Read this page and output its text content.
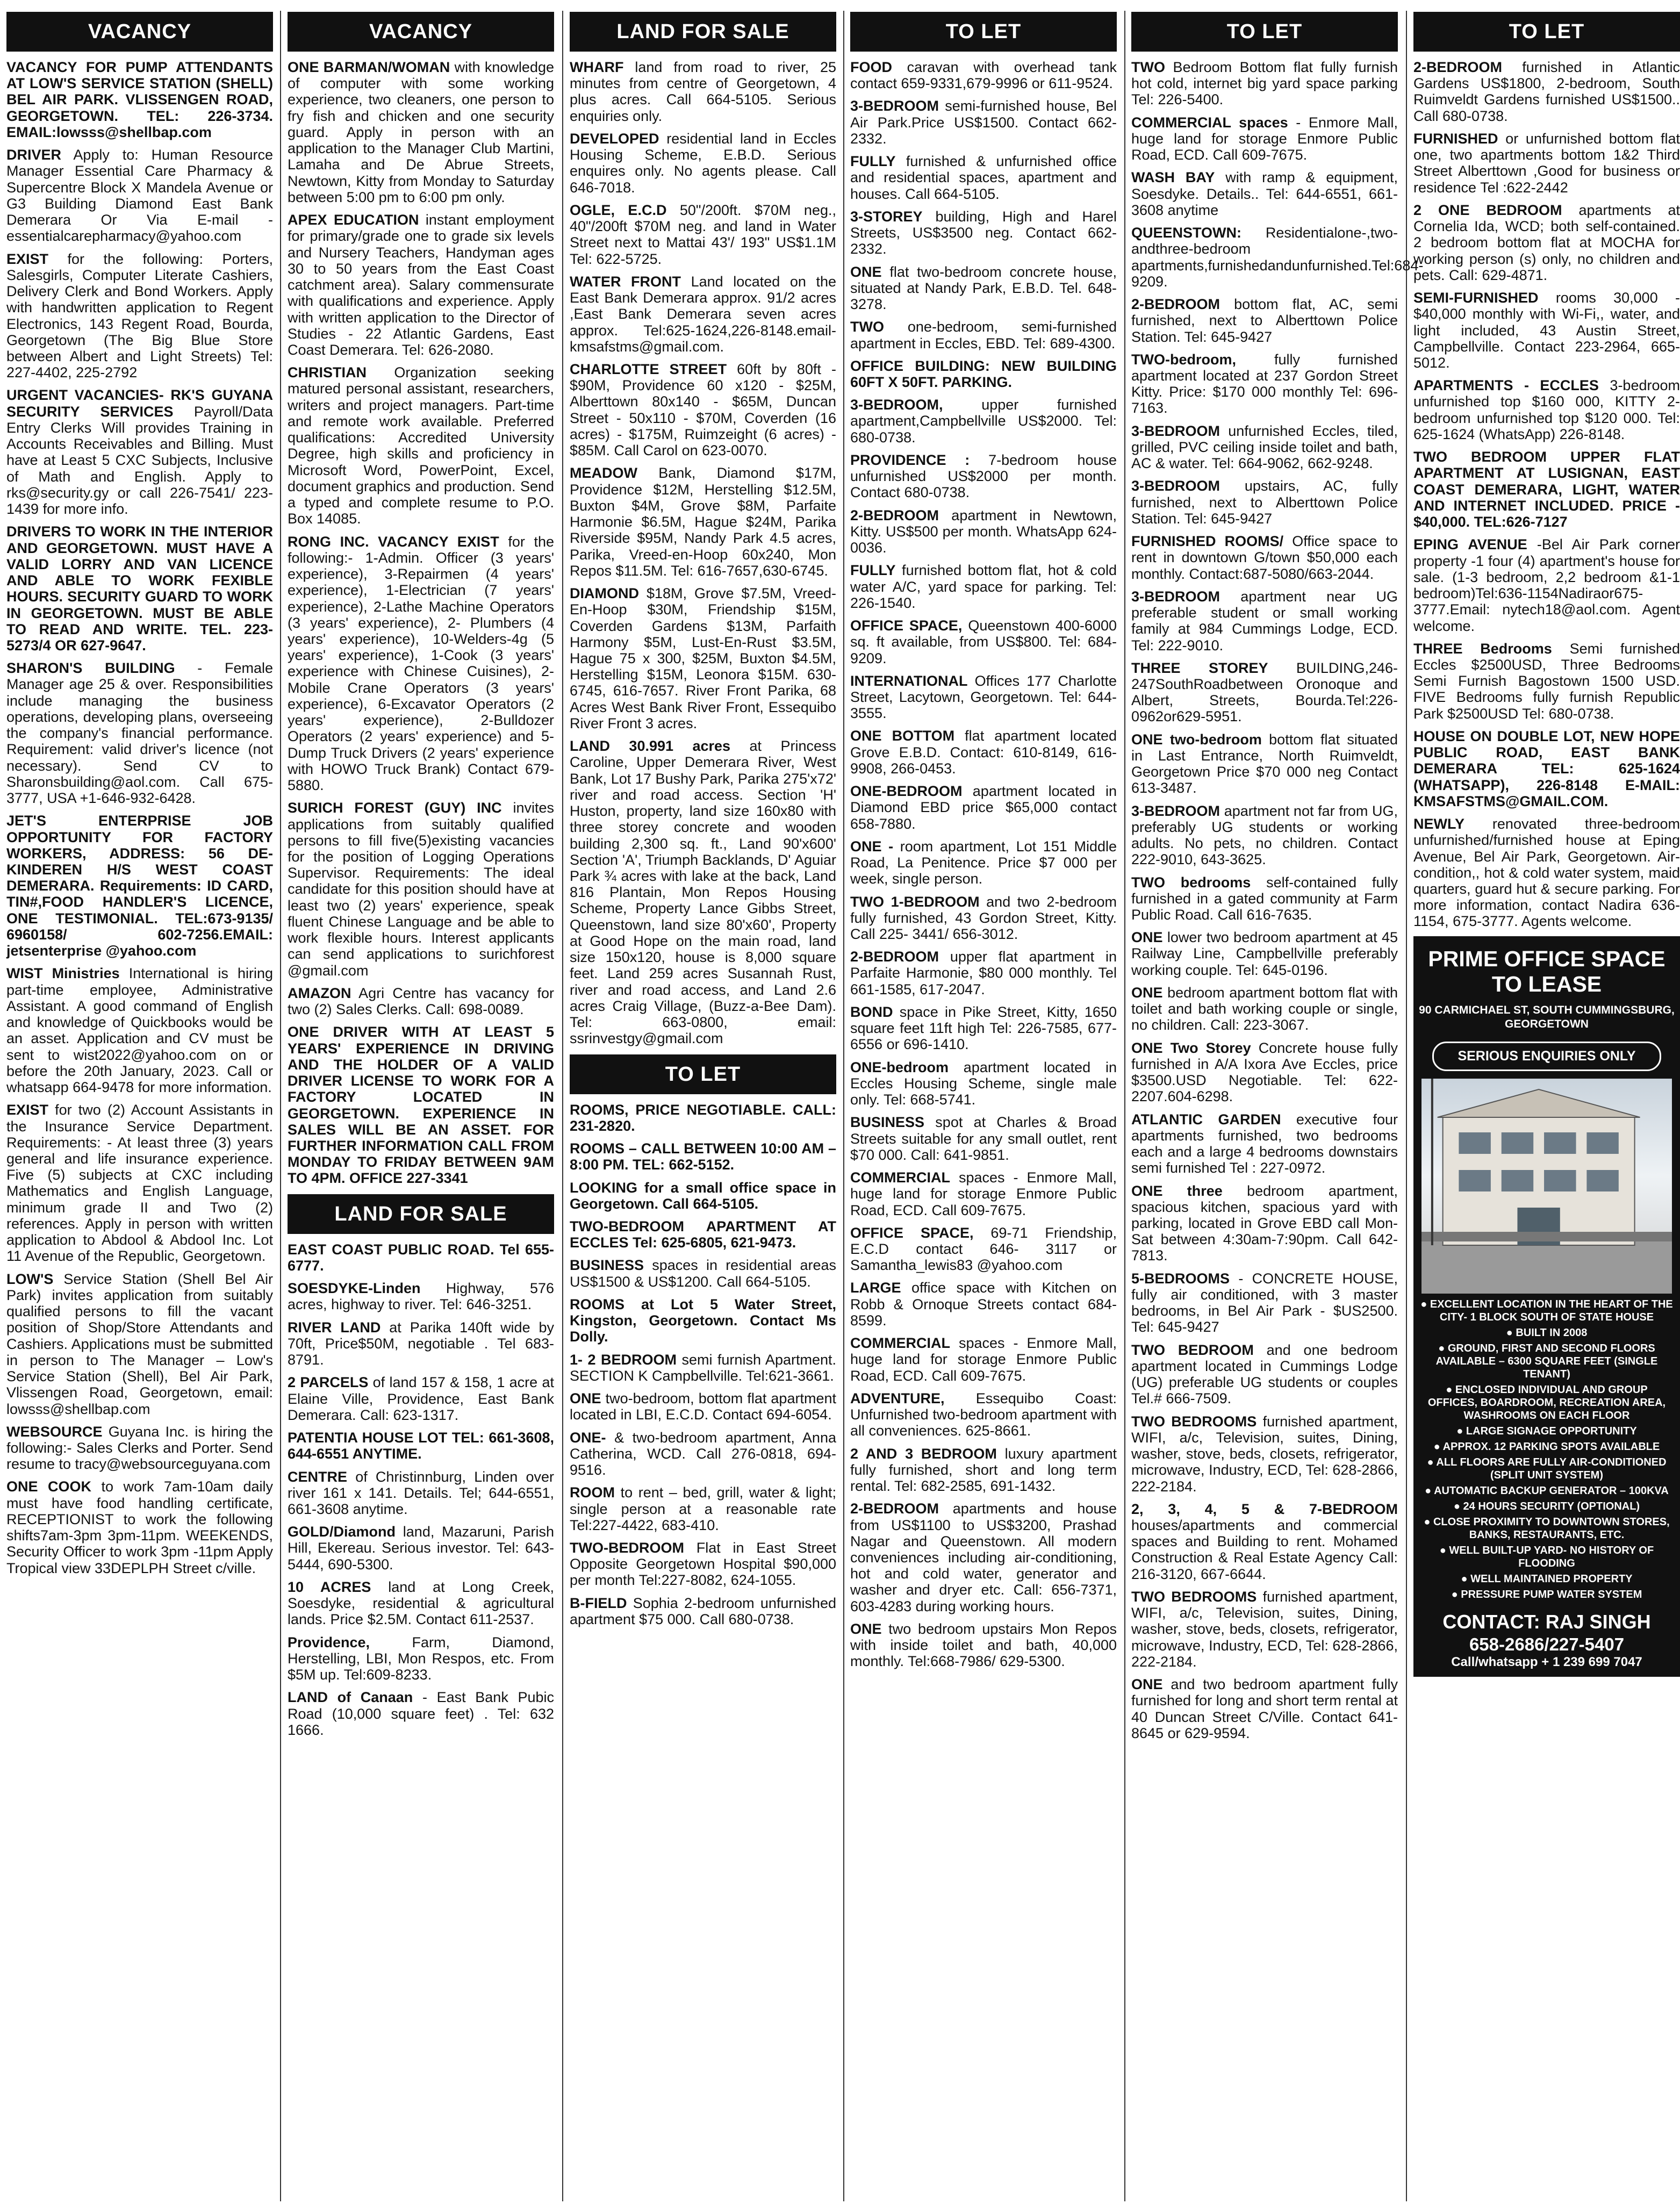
VACANCY

VACANCY FOR PUMP ATTENDANTS AT LOW'S SERVICE STATION (SHELL) BEL AIR PARK. VLISSENGEN ROAD, GEORGETOWN. TEL: 226-3734. EMAIL:lowsss@shellbap.com

DRIVER Apply to: Human Resource Manager Essential Care Pharmacy & Supercentre Block X Mandela Avenue or G3 Building Diamond East Bank Demerara Or Via E-mail - essentialcarepharmacy@yahoo.com

EXIST for the following: Porters, Salesgirls, Computer Literate Cashiers, Delivery Clerk and Bond Workers. Apply with handwritten application to Regent Electronics, 143 Regent Road, Bourda, Georgetown (The Big Blue Store between Albert and Light Streets) Tel: 227-4402, 225-2792

URGENT VACANCIES- RK'S GUYANA SECURITY SERVICES Payroll/Data Entry Clerks Will provides Training in Accounts Receivables and Billing. Must have at Least 5 CXC Subjects, Inclusive of Math and English. Apply to rks@security.gy or call 226-7541/ 223-1439 for more info.

DRIVERS TO WORK IN THE INTERIOR AND GEORGETOWN. MUST HAVE A VALID LORRY AND VAN LICENCE AND ABLE TO WORK FEXIBLE HOURS. SECURITY GUARD TO WORK IN GEORGETOWN. MUST BE ABLE TO READ AND WRITE. TEL. 223-5273/4 OR 627-9647.

SHARON'S BUILDING - Female Manager age 25 & over. Responsibilities include managing the business operations, developing plans, overseeing the company's financial performance. Requirement: valid driver's licence (not necessary). Send CV to Sharonsbuilding@aol.com. Call 675-3777, USA +1-646-932-6428.

JET'S ENTERPRISE JOB OPPORTUNITY FOR FACTORY WORKERS, ADDRESS: 56 DE-KINDEREN H/S WEST COAST DEMERARA. Requirements: ID CARD, TIN#,FOOD HANDLER'S LICENCE, ONE TESTIMONIAL. TEL:673-9135/ 6960158/ 602-7256.EMAIL: jetsenterprise @yahoo.com

WIST Ministries International is hiring part-time employee, Administrative Assistant. A good command of English and knowledge of Quickbooks would be an asset. Application and CV must be sent to wist2022@yahoo.com on or before the 20th January, 2023. Call or whatsapp 664-9478 for more information.

EXIST for two (2) Account Assistants in the Insurance Service Department. Requirements: - At least three (3) years general and life insurance experience. Five (5) subjects at CXC including Mathematics and English Language, minimum grade II and Two (2) references. Apply in person with written application to Abdool & Abdool Inc. Lot 11 Avenue of the Republic, Georgetown.

LOW'S Service Station (Shell Bel Air Park) invites application from suitably qualified persons to fill the vacant position of Shop/Store Attendants and Cashiers. Applications must be submitted in person to The Manager – Low's Service Station (Shell), Bel Air Park, Vlissengen Road, Georgetown, email: lowsss@shellbap.com

WEBSOURCE Guyana Inc. is hiring the following:- Sales Clerks and Porter. Send resume to tracy@websourceguyana.com

ONE COOK to work 7am-10am daily must have food handling certificate, RECEPTIONIST to work the following shifts7am-3pm 3pm-11pm. WEEKENDS, Security Officer to work 3pm -11pm Apply Tropical view 33DEPLPH Street c/ville.

VACANCY

ONE BARMAN/WOMAN with knowledge of computer with some working experience, two cleaners, one person to fry fish and chicken and one security guard. Apply in person with an application to the Manager Club Martini, Lamaha and De Abrue Streets, Newtown, Kitty from Monday to Saturday between 5:00 pm to 6:00 pm only.

APEX EDUCATION instant employment for primary/grade one to grade six levels and Nursery Teachers, Handyman ages 30 to 50 years from the East Coast catchment area). Salary commensurate with qualifications and experience. Apply with written application to the Director of Studies - 22 Atlantic Gardens, East Coast Demerara. Tel: 626-2080.

CHRISTIAN Organization seeking matured personal assistant, researchers, writers and project managers. Part-time and remote work available. Preferred qualifications: Accredited University Degree, high skills and proficiency in Microsoft Word, PowerPoint, Excel, document graphics and production. Send a typed and complete resume to P.O. Box 14085.

RONG INC. VACANCY EXIST for the following:- 1-Admin. Officer (3 years' experience), 3-Repairmen (4 years' experience), 1-Electrician (7 years' experience), 2-Lathe Machine Operators (3 years' experience), 2- Plumbers (4 years' experience), 10-Welders-4g (5 years' experience), 1-Cook (3 years' experience with Chinese Cuisines), 2-Mobile Crane Operators (3 years' experience), 6-Excavator Operators (2 years' experience), 2-Bulldozer Operators (2 years' experience) and 5-Dump Truck Drivers (2 years' experience with HOWO Truck Brank) Contact 679-5880.

SURICH FOREST (GUY) INC invites applications from suitably qualified persons to fill five(5)existing vacancies for the position of Logging Operations Supervisor. Requirements: The ideal candidate for this position should have at least two (2) years' experience, speak fluent Chinese Language and be able to work flexible hours. Interest applicants can send applications to surichforest @gmail.com

AMAZON Agri Centre has vacancy for two (2) Sales Clerks. Call: 698-0089.

ONE DRIVER WITH AT LEAST 5 YEARS' EXPERIENCE IN DRIVING AND THE HOLDER OF A VALID DRIVER LICENSE TO WORK FOR A FACTORY LOCATED IN GEORGETOWN. EXPERIENCE IN SALES WILL BE AN ASSET. FOR FURTHER INFORMATION CALL FROM MONDAY TO FRIDAY BETWEEN 9AM TO 4PM. OFFICE 227-3341

LAND FOR SALE

EAST COAST PUBLIC ROAD. Tel 655-6777.

SOESDYKE-Linden Highway, 576 acres, highway to river. Tel: 646-3251.

RIVER LAND at Parika 140ft wide by 70ft, Price$50M, negotiable . Tel 683-8791.

2 PARCELS of land 157 & 158, 1 acre at Elaine Ville, Providence, East Bank Demerara. Call: 623-1317.

PATENTIA HOUSE LOT TEL: 661-3608, 644-6551 ANYTIME.

CENTRE of Christinnburg, Linden over river 161 x 141. Details. Tel; 644-6551, 661-3608 anytime.

GOLD/Diamond land, Mazaruni, Parish Hill, Ekereau. Serious investor. Tel: 643-5444, 690-5300.

10 ACRES land at Long Creek, Soesdyke, residential & agricultural lands. Price $2.5M. Contact 611-2537.

Providence, Farm, Diamond, Herstelling, LBI, Mon Respos, etc. From $5M up. Tel:609-8233.

LAND of Canaan - East Bank Pubic Road (10,000 square feet) . Tel: 632 1666.

LAND FOR SALE

WHARF land from road to river, 25 minutes from centre of Georgetown, 4 plus acres. Call 664-5105. Serious enquiries only.

DEVELOPED residential land in Eccles Housing Scheme, E.B.D. Serious enquires only. No agents please. Call 646-7018.

OGLE, E.C.D 50"/200ft. $70M neg., 40"/200ft $70M neg. and land in Water Street next to Mattai 43'/ 193" US$1.1M Tel: 622-5725.

WATER FRONT Land located on the East Bank Demerara approx. 91/2 acres ,East Bank Demerara seven acres approx. Tel:625-1624,226-8148.email-kmsafstms@gmail.com.

CHARLOTTE STREET 60ft by 80ft - $90M, Providence 60 x120 - $25M, Alberttown 80x140 - $65M, Duncan Street - 50x110 - $70M, Coverden (16 acres) - $175M, Ruimzeight (6 acres) - $85M. Call Carol on 623-0070.

MEADOW Bank, Diamond $17M, Providence $12M, Herstelling $12.5M, Buxton $4M, Grove $8M, Parfaite Harmonie $6.5M, Hague $24M, Parika Riverside $95M, Nandy Park 4.5 acres, Parika, Vreed-en-Hoop 60x240, Mon Repos $11.5M. Tel: 616-7657,630-6745.

DIAMOND $18M, Grove $7.5M, Vreed-En-Hoop $30M, Friendship $15M, Coverden Gardens $13M, Parfaith Harmony $5M, Lust-En-Rust $3.5M, Hague 75 x 300, $25M, Buxton $4.5M, Herstelling $15M, Leonora $15M. 630-6745, 616-7657. River Front Parika, 68 Acres West Bank River Front, Essequibo River Front 3 acres.

LAND 30.991 acres at Princess Caroline, Upper Demerara River, West Bank, Lot 17 Bushy Park, Parika 275'x72' river and road access. Section 'H' Huston, property, land size 160x80 with three storey concrete and wooden building 2,300 sq. ft., Land 90'x600' Section 'A', Triumph Backlands, D' Aguiar Park ¾ acres with lake at the back, Land 816 Plantain, Mon Repos Housing Scheme, Property Lance Gibbs Street, Queenstown, land size 80'x60', Property at Good Hope on the main road, land size 150x120, house is 8,000 square feet. Land 259 acres Susannah Rust, river and road access, and Land 2.6 acres Craig Village, (Buzz-a-Bee Dam). Tel: 663-0800, email: ssrinvestgy@gmail.com

TO LET

ROOMS, PRICE NEGOTIABLE. CALL: 231-2820.

ROOMS – CALL BETWEEN 10:00 AM – 8:00 PM. TEL: 662-5152.

LOOKING for a small office space in Georgetown. Call 664-5105.

TWO-BEDROOM APARTMENT AT ECCLES Tel: 625-6805, 621-9473.

BUSINESS spaces in residential areas US$1500 & US$1200. Call 664-5105.

ROOMS at Lot 5 Water Street, Kingston, Georgetown. Contact Ms Dolly.

1- 2 BEDROOM semi furnish Apartment. SECTION K Campbellville. Tel:621-3661.

ONE two-bedroom, bottom flat apartment located in LBI, E.C.D. Contact 694-6054.

ONE- & two-bedroom apartment, Anna Catherina, WCD. Call 276-0818, 694-9516.

ROOM to rent – bed, grill, water & light; single person at a reasonable rate Tel:227-4422, 683-410.

TWO-BEDROOM Flat in East Street Opposite Georgetown Hospital $90,000 per month Tel:227-8082, 624-1055.

B-FIELD Sophia 2-bedroom unfurnished apartment $75 000. Call 680-0738.

TO LET

FOOD caravan with overhead tank contact 659-9331,679-9996 or 611-9524.

3-BEDROOM semi-furnished house, Bel Air Park.Price US$1500. Contact 662-2332.

FULLY furnished & unfurnished office and residential spaces, apartment and houses. Call 664-5105.

3-STOREY building, High and Harel Streets, US$3500 neg. Contact 662-2332.

ONE flat two-bedroom concrete house, situated at Nandy Park, E.B.D. Tel. 648-3278.

TWO one-bedroom, semi-furnished apartment in Eccles, EBD. Tel: 689-4300.

OFFICE BUILDING: NEW BUILDING 60FT X 50FT. PARKING.

3-BEDROOM, upper furnished apartment,Campbellville US$2000. Tel: 680-0738.

PROVIDENCE : 7-bedroom house unfurnished US$2000 per month. Contact 680-0738.

2-BEDROOM apartment in Newtown, Kitty. US$500 per month. WhatsApp 624-0036.

FULLY furnished bottom flat, hot & cold water A/C, yard space for parking. Tel: 226-1540.

OFFICE SPACE, Queenstown 400-6000 sq. ft available, from US$800. Tel: 684-9209.

INTERNATIONAL Offices 177 Charlotte Street, Lacytown, Georgetown. Tel: 644-3555.

ONE BOTTOM flat apartment located Grove E.B.D. Contact: 610-8149, 616-9908, 266-0453.

ONE-BEDROOM apartment located in Diamond EBD price $65,000 contact 658-7880.

ONE - room apartment, Lot 151 Middle Road, La Penitence. Price $7 000 per week, single person.

TWO 1-BEDROOM and two 2-bedroom fully furnished, 43 Gordon Street, Kitty. Call 225- 3441/ 656-3012.

2-BEDROOM upper flat apartment in Parfaite Harmonie, $80 000 monthly. Tel 661-1585, 617-2047.

BOND space in Pike Street, Kitty, 1650 square feet 11ft high Tel: 226-7585, 677-6556 or 696-1410.

ONE-bedroom apartment located in Eccles Housing Scheme, single male only. Tel: 668-5741.

BUSINESS spot at Charles & Broad Streets suitable for any small outlet, rent $70 000. Call: 641-9851.

COMMERCIAL spaces - Enmore Mall, huge land for storage Enmore Public Road, ECD. Call 609-7675.

OFFICE SPACE, 69-71 Friendship, E.C.D contact 646- 3117 or Samantha_lewis83 @yahoo.com

LARGE office space with Kitchen on Robb & Ornoque Streets contact 684-8599.

COMMERCIAL spaces - Enmore Mall, huge land for storage Enmore Public Road, ECD. Call 609-7675.

ADVENTURE, Essequibo Coast: Unfurnished two-bedroom apartment with all conveniences. 625-8661.

2 AND 3 BEDROOM luxury apartment fully furnished, short and long term rental. Tel: 682-2585, 691-1432.

2-BEDROOM apartments and house from US$1100 to US$3200, Prashad Nagar and Queenstown. All modern conveniences including air-conditioning, hot and cold water, generator and washer and dryer etc. Call: 656-7371, 603-4283 during working hours.

ONE two bedroom upstairs Mon Repos with inside toilet and bath, 40,000 monthly. Tel:668-7986/ 629-5300.

TO LET

TWO Bedroom Bottom flat fully furnish hot cold, internet big yard space parking Tel: 226-5400.

COMMERCIAL spaces - Enmore Mall, huge land for storage Enmore Public Road, ECD. Call 609-7675.

WASH BAY with ramp & equipment, Soesdyke. Details.. Tel: 644-6551, 661-3608 anytime

QUEENSTOWN: Residentialone-,two-andthree-bedroom apartments,furnishedandunfurnished.Tel:684-9209.

2-BEDROOM bottom flat, AC, semi furnished, next to Alberttown Police Station. Tel: 645-9427

TWO-bedroom, fully furnished apartment located at 237 Gordon Street Kitty. Price: $170 000 monthly Tel: 696-7163.

3-BEDROOM unfurnished Eccles, tiled, grilled, PVC ceiling inside toilet and bath, AC & water. Tel: 664-9062, 662-9248.

3-BEDROOM upstairs, AC, fully furnished, next to Alberttown Police Station. Tel: 645-9427

FURNISHED ROOMS/ Office space to rent in downtown G/town $50,000 each monthly. Contact:687-5080/663-2044.

3-BEDROOM apartment near UG preferable student or small working family at 984 Cummings Lodge, ECD. Tel: 222-9010.

THREE STOREY BUILDING,246-247SouthRoadbetween Oronoque and Albert, Streets, Bourda.Tel:226-0962or629-5951.

ONE two-bedroom bottom flat situated in Last Entrance, North Ruimveldt, Georgetown Price $70 000 neg Contact 613-3487.

3-BEDROOM apartment not far from UG, preferably UG students or working adults. No pets, no children. Contact 222-9010, 643-3625.

TWO bedrooms self-contained fully furnished in a gated community at Farm Public Road. Call 616-7635.

ONE lower two bedroom apartment at 45 Railway Line, Campbellville preferably working couple. Tel: 645-0196.

ONE bedroom apartment bottom flat with toilet and bath working couple or single, no children. Call: 223-3067.

ONE Two Storey Concrete house fully furnished in A/A Ixora Ave Eccles, price $3500.USD Negotiable. Tel: 622-2207.604-6298.

ATLANTIC GARDEN executive four apartments furnished, two bedrooms each and a large 4 bedrooms downstairs semi furnished Tel : 227-0972.

ONE three bedroom apartment, spacious kitchen, spacious yard with parking, located in Grove EBD call Mon-Sat between 4:30am-7:90pm. Call 642-7813.

5-BEDROOMS - CONCRETE HOUSE, fully air conditioned, with 3 master bedrooms, in Bel Air Park - $US2500. Tel: 645-9427

TWO BEDROOM and one bedroom apartment located in Cummings Lodge (UG) preferable UG students or couples Tel.# 666-7509.

TWO BEDROOMS furnished apartment, WIFI, a/c, Television, suites, Dining, washer, stove, beds, closets, refrigerator, microwave, Industry, ECD, Tel: 628-2866, 222-2184.

2, 3, 4, 5 & 7-BEDROOM houses/apartments and commercial spaces and Building to rent. Mohamed Construction & Real Estate Agency Call: 216-3120, 667-6644.

TWO BEDROOMS furnished apartment, WIFI, a/c, Television, suites, Dining, washer, stove, beds, closets, refrigerator, microwave, Industry, ECD, Tel: 628-2866, 222-2184.

ONE and two bedroom apartment fully furnished for long and short term rental at 40 Duncan Street C/Ville. Contact 641-8645 or 629-9594.

TO LET

2-BEDROOM furnished in Atlantic Gardens US$1800, 2-bedroom, South Ruimveldt Gardens furnished US$1500.. Call 680-0738.

FURNISHED or unfurnished bottom flat one, two apartments bottom 1&2 Third Street Alberttown ,Good for business or residence Tel :622-2442

2 ONE BEDROOM apartments at Cornelia Ida, WCD; both self-contained. 2 bedroom bottom flat at MOCHA for working person (s) only, no children and pets. Call: 629-4871.

SEMI-FURNISHED rooms 30,000 - $40,000 monthly with Wi-Fi,, water, and light included, 43 Austin Street, Campbellville. Contact 223-2964, 665-5012.

APARTMENTS - ECCLES 3-bedroom unfurnished top $160 000, KITTY 2-bedroom unfurnished top $120 000. Tel: 625-1624 (WhatsApp) 226-8148.

TWO BEDROOM UPPER FLAT APARTMENT AT LUSIGNAN, EAST COAST DEMERARA, LIGHT, WATER AND INTERNET INCLUDED. PRICE - $40,000. TEL:626-7127

EPING AVENUE -Bel Air Park corner property -1 four (4) apartment's house for sale. (1-3 bedroom, 2,2 bedroom &1-1 bedroom)Tel:636-1154Nadiraor675-3777.Email: nytech18@aol.com. Agent welcome.

THREE Bedrooms Semi furnished Eccles $2500USD, Three Bedrooms Semi Furnish Bagostown 1500 USD. FIVE Bedrooms fully furnish Republic Park $2500USD Tel: 680-0738.

HOUSE ON DOUBLE LOT, NEW HOPE PUBLIC ROAD, EAST BANK DEMERARA TEL: 625-1624 (WHATSAPP), 226-8148 E-MAIL: KMSAFSTMS@GMAIL.COM.

NEWLY renovated three-bedroom unfurnished/furnished house at Eping Avenue, Bel Air Park, Georgetown. Air-condition,, hot & cold water system, maid quarters, guard hut & secure parking. For more information, contact Nadira 636-1154, 675-3777. Agents welcome.

PRIME OFFICE SPACE TO LEASE
90 CARMICHAEL ST, SOUTH CUMMINGSBURG, GEORGETOWN
SERIOUS ENQUIRIES ONLY
● EXCELLENT LOCATION IN THE HEART OF THE CITY- 1 BLOCK SOUTH OF STATE HOUSE
● BUILT IN 2008
● GROUND, FIRST AND SECOND FLOORS AVAILABLE – 6300 SQUARE FEET (SINGLE TENANT)
● ENCLOSED INDIVIDUAL AND GROUP OFFICES, BOARDROOM, RECREATION AREA, WASHROOMS ON EACH FLOOR
● LARGE SIGNAGE OPPORTUNITY
● APPROX. 12 PARKING SPOTS AVAILABLE
● ALL FLOORS ARE FULLY AIR-CONDITIONED (SPLIT UNIT SYSTEM)
● AUTOMATIC BACKUP GENERATOR – 100KVA
● 24 HOURS SECURITY (OPTIONAL)
● CLOSE PROXIMITY TO DOWNTOWN STORES, BANKS, RESTAURANTS, ETC.
● WELL BUILT-UP YARD- NO HISTORY OF FLOODING
● WELL MAINTAINED PROPERTY
● PRESSURE PUMP WATER SYSTEM
CONTACT: RAJ SINGH
658-2686/227-5407
Call/whatsapp + 1 239 699 7047
